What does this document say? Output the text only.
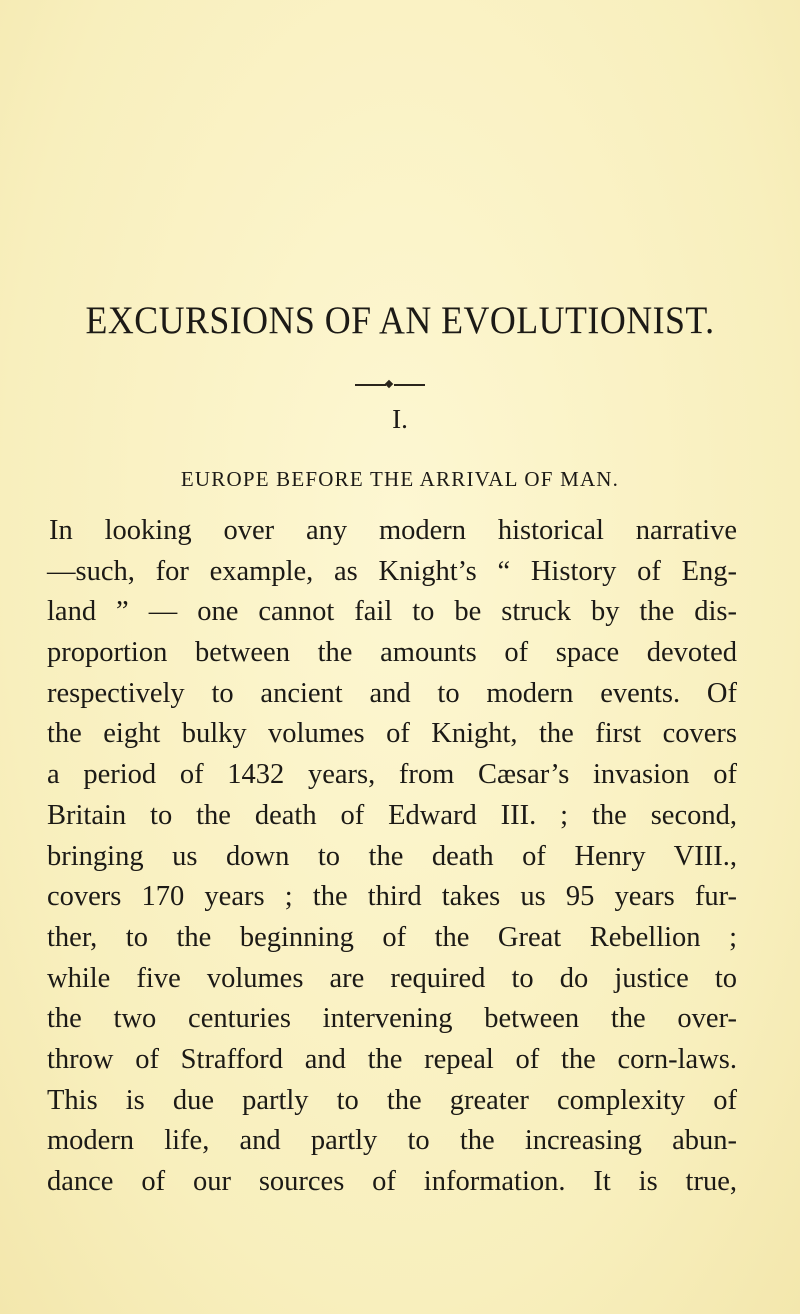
EXCURSIONS OF AN EVOLUTIONIST.
I.
EUROPE BEFORE THE ARRIVAL OF MAN.
In looking over any modern historical narrative
—such, for example, as Knight’s “ History of Eng-
land ” — one cannot fail to be struck by the dis-
proportion between the amounts of space devoted
respectively to ancient and to modern events. Of
the eight bulky volumes of Knight, the first covers
a period of 1432 years, from Cæsar’s invasion of
Britain to the death of Edward III. ; the second,
bringing us down to the death of Henry VIII.,
covers 170 years ; the third takes us 95 years fur-
ther, to the beginning of the Great Rebellion ;
while five volumes are required to do justice to
the two centuries intervening between the over-
throw of Strafford and the repeal of the corn-laws.
This is due partly to the greater complexity of
modern life, and partly to the increasing abun-
dance of our sources of information. It is true,
